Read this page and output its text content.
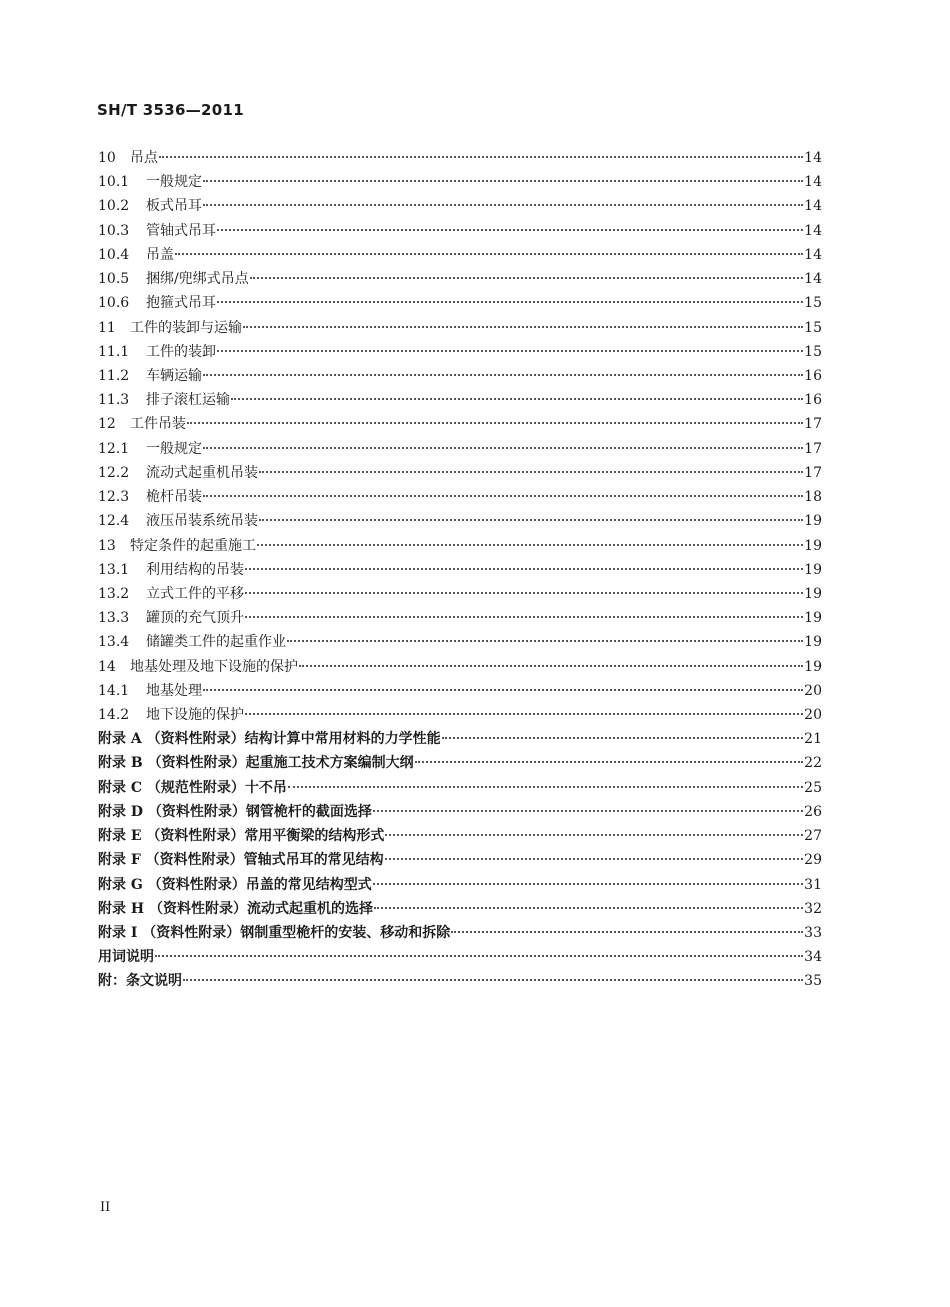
SH/T 3536—2011
10 吊点	14
10.1 一般规定	14
10.2 板式吊耳	14
10.3 管轴式吊耳	14
10.4 吊盖	14
10.5 捆绑/兜绑式吊点	14
10.6 抱箍式吊耳	15
11 工件的装卸与运输	15
11.1 工件的装卸	15
11.2 车辆运输	16
11.3 排子滚杠运输	16
12 工件吊装	17
12.1 一般规定	17
12.2 流动式起重机吊装	17
12.3 桅杆吊装	18
12.4 液压吊装系统吊装	19
13 特定条件的起重施工	19
13.1 利用结构的吊装	19
13.2 立式工件的平移	19
13.3 罐顶的充气顶升	19
13.4 储罐类工件的起重作业	19
14 地基处理及地下设施的保护	19
14.1 地基处理	20
14.2 地下设施的保护	20
附录 A （资料性附录）结构计算中常用材料的力学性能	21
附录 B （资料性附录）起重施工技术方案编制大纲	22
附录 C （规范性附录）十不吊	25
附录 D （资料性附录）钢管桅杆的截面选择	26
附录 E （资料性附录）常用平衡梁的结构形式	27
附录 F （资料性附录）管轴式吊耳的常见结构	29
附录 G （资料性附录）吊盖的常见结构型式	31
附录 H （资料性附录）流动式起重机的选择	32
附录 I （资料性附录）钢制重型桅杆的安装、移动和拆除	33
用词说明	34
附：条文说明	35
II
